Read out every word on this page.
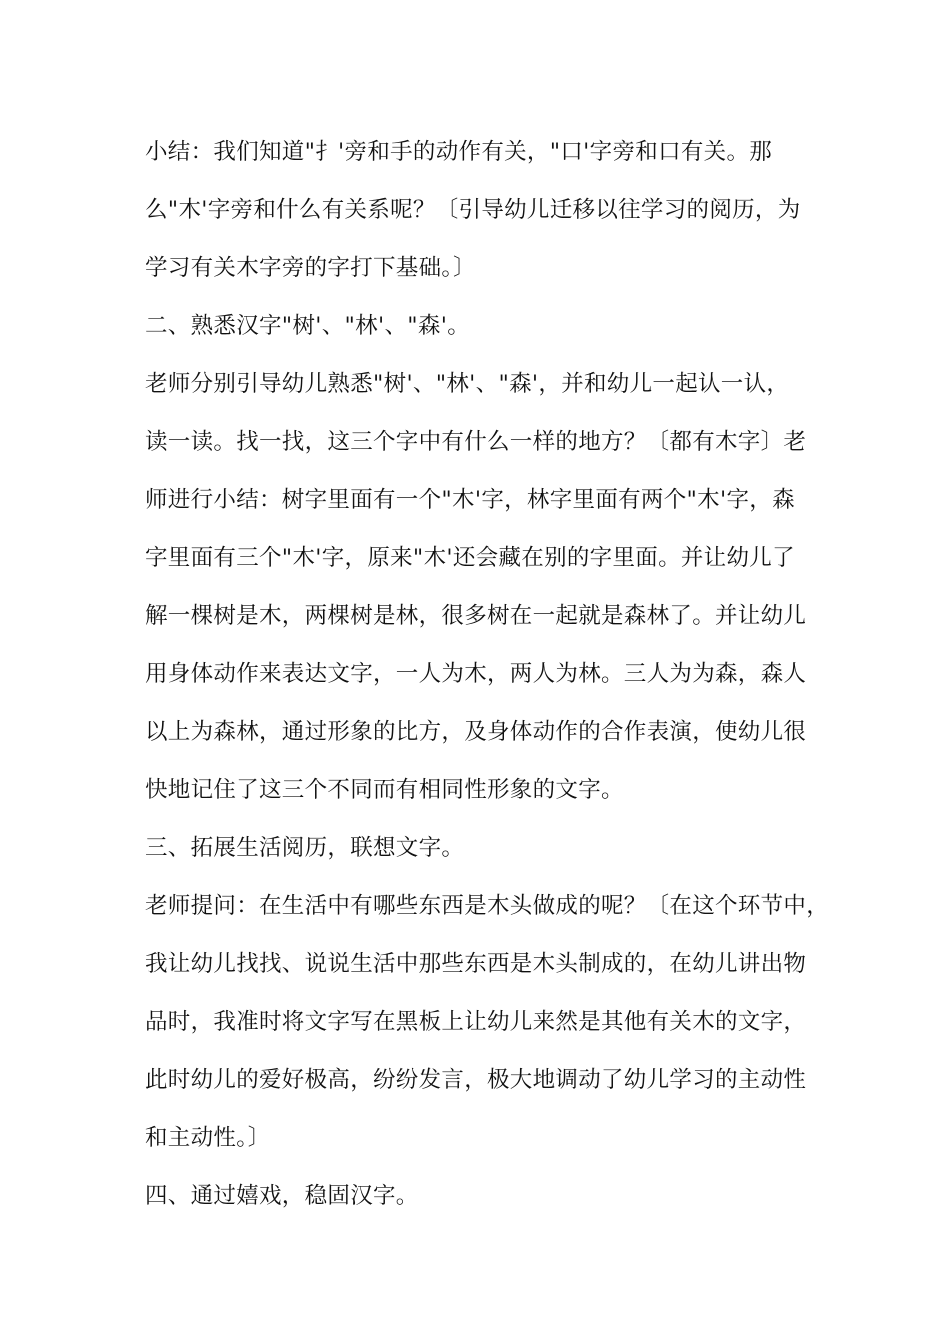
小结：我们知道"扌'旁和手的动作有关，"口'字旁和口有关。那
么"木'字旁和什么有关系呢？〔引导幼儿迁移以往学习的阅历，为
学习有关木字旁的字打下基础。〕
二、熟悉汉字"树'、"林'、"森'。
老师分别引导幼儿熟悉"树'、"林'、"森'，并和幼儿一起认一认，
读一读。找一找，这三个字中有什么一样的地方？〔都有木字〕老
师进行小结：树字里面有一个"木'字，林字里面有两个"木'字，森
字里面有三个"木'字，原来"木'还会藏在别的字里面。并让幼儿了
解一棵树是木，两棵树是林，很多树在一起就是森林了。并让幼儿
用身体动作来表达文字，一人为木，两人为林。三人为为森，森人
以上为森林，通过形象的比方，及身体动作的合作表演，使幼儿很
快地记住了这三个不同而有相同性形象的文字。
三、拓展生活阅历，联想文字。
老师提问：在生活中有哪些东西是木头做成的呢？〔在这个环节中，
我让幼儿找找、说说生活中那些东西是木头制成的，在幼儿讲出物
品时，我准时将文字写在黑板上让幼儿来然是其他有关木的文字，
此时幼儿的爱好极高，纷纷发言，极大地调动了幼儿学习的主动性
和主动性。〕
四、通过嬉戏，稳固汉字。
